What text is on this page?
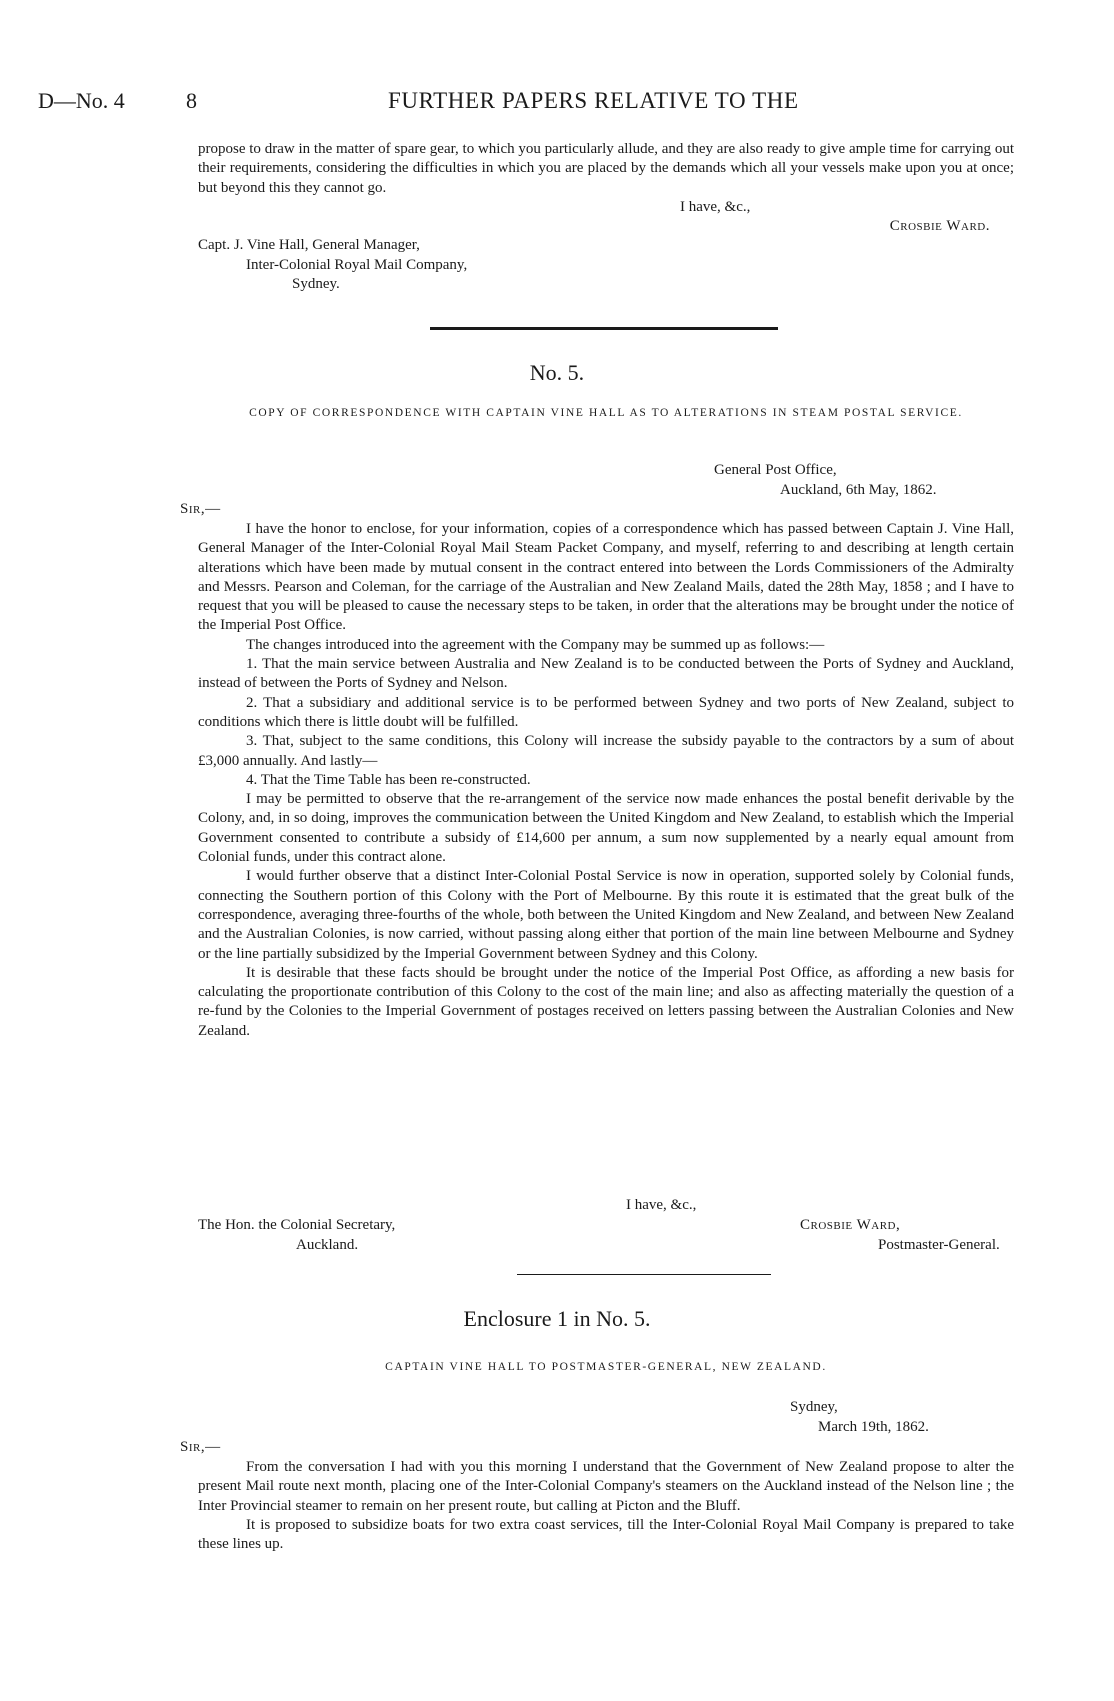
D—No. 4	8	FURTHER PAPERS RELATIVE TO THE

propose to draw in the matter of spare gear, to which you particularly allude, and they are also ready to give ample time for carrying out their requirements, considering the difficulties in which you are placed by the demands which all your vessels make upon you at once; but beyond this they cannot go.

I have, &c.,
Crosbie Ward.
Capt. J. Vine Hall, General Manager,
Inter-Colonial Royal Mail Company,
Sydney.
No. 5.
COPY OF CORRESPONDENCE WITH CAPTAIN VINE HALL AS TO ALTERATIONS IN STEAM POSTAL SERVICE.
General Post Office,
Auckland, 6th May, 1862.
Sir,—

I have the honor to enclose, for your information, copies of a correspondence which has passed between Captain J. Vine Hall, General Manager of the Inter-Colonial Royal Mail Steam Packet Company, and myself, referring to and describing at length certain alterations which have been made by mutual consent in the contract entered into between the Lords Commissioners of the Admiralty and Messrs. Pearson and Coleman, for the carriage of the Australian and New Zealand Mails, dated the 28th May, 1858 ; and I have to request that you will be pleased to cause the necessary steps to be taken, in order that the alterations may be brought under the notice of the Imperial Post Office.

The changes introduced into the agreement with the Company may be summed up as follows:—

1. That the main service between Australia and New Zealand is to be conducted between the Ports of Sydney and Auckland, instead of between the Ports of Sydney and Nelson.

2. That a subsidiary and additional service is to be performed between Sydney and two ports of New Zealand, subject to conditions which there is little doubt will be fulfilled.

3. That, subject to the same conditions, this Colony will increase the subsidy payable to the contractors by a sum of about £3,000 annually. And lastly—

4. That the Time Table has been re-constructed.

I may be permitted to observe that the re-arrangement of the service now made enhances the postal benefit derivable by the Colony, and, in so doing, improves the communication between the United Kingdom and New Zealand, to establish which the Imperial Government consented to contribute a subsidy of £14,600 per annum, a sum now supplemented by a nearly equal amount from Colonial funds, under this contract alone.

I would further observe that a distinct Inter-Colonial Postal Service is now in operation, supported solely by Colonial funds, connecting the Southern portion of this Colony with the Port of Melbourne. By this route it is estimated that the great bulk of the correspondence, averaging three-fourths of the whole, both between the United Kingdom and New Zealand, and between New Zealand and the Australian Colonies, is now carried, without passing along either that portion of the main line between Melbourne and Sydney or the line partially subsidized by the Imperial Government between Sydney and this Colony.

It is desirable that these facts should be brought under the notice of the Imperial Post Office, as affording a new basis for calculating the proportionate contribution of this Colony to the cost of the main line; and also as affecting materially the question of a re-fund by the Colonies to the Imperial Government of postages received on letters passing between the Australian Colonies and New Zealand.

I have, &c.,
The Hon. the Colonial Secretary,
Auckland.
Crosbie Ward,
Postmaster-General.
Enclosure 1 in No. 5.
CAPTAIN VINE HALL TO POSTMASTER-GENERAL, NEW ZEALAND.
Sydney,
March 19th, 1862.
Sir,—

From the conversation I had with you this morning I understand that the Government of New Zealand propose to alter the present Mail route next month, placing one of the Inter-Colonial Company's steamers on the Auckland instead of the Nelson line ; the Inter Provincial steamer to remain on her present route, but calling at Picton and the Bluff.

It is proposed to subsidize boats for two extra coast services, till the Inter-Colonial Royal Mail Company is prepared to take these lines up.
